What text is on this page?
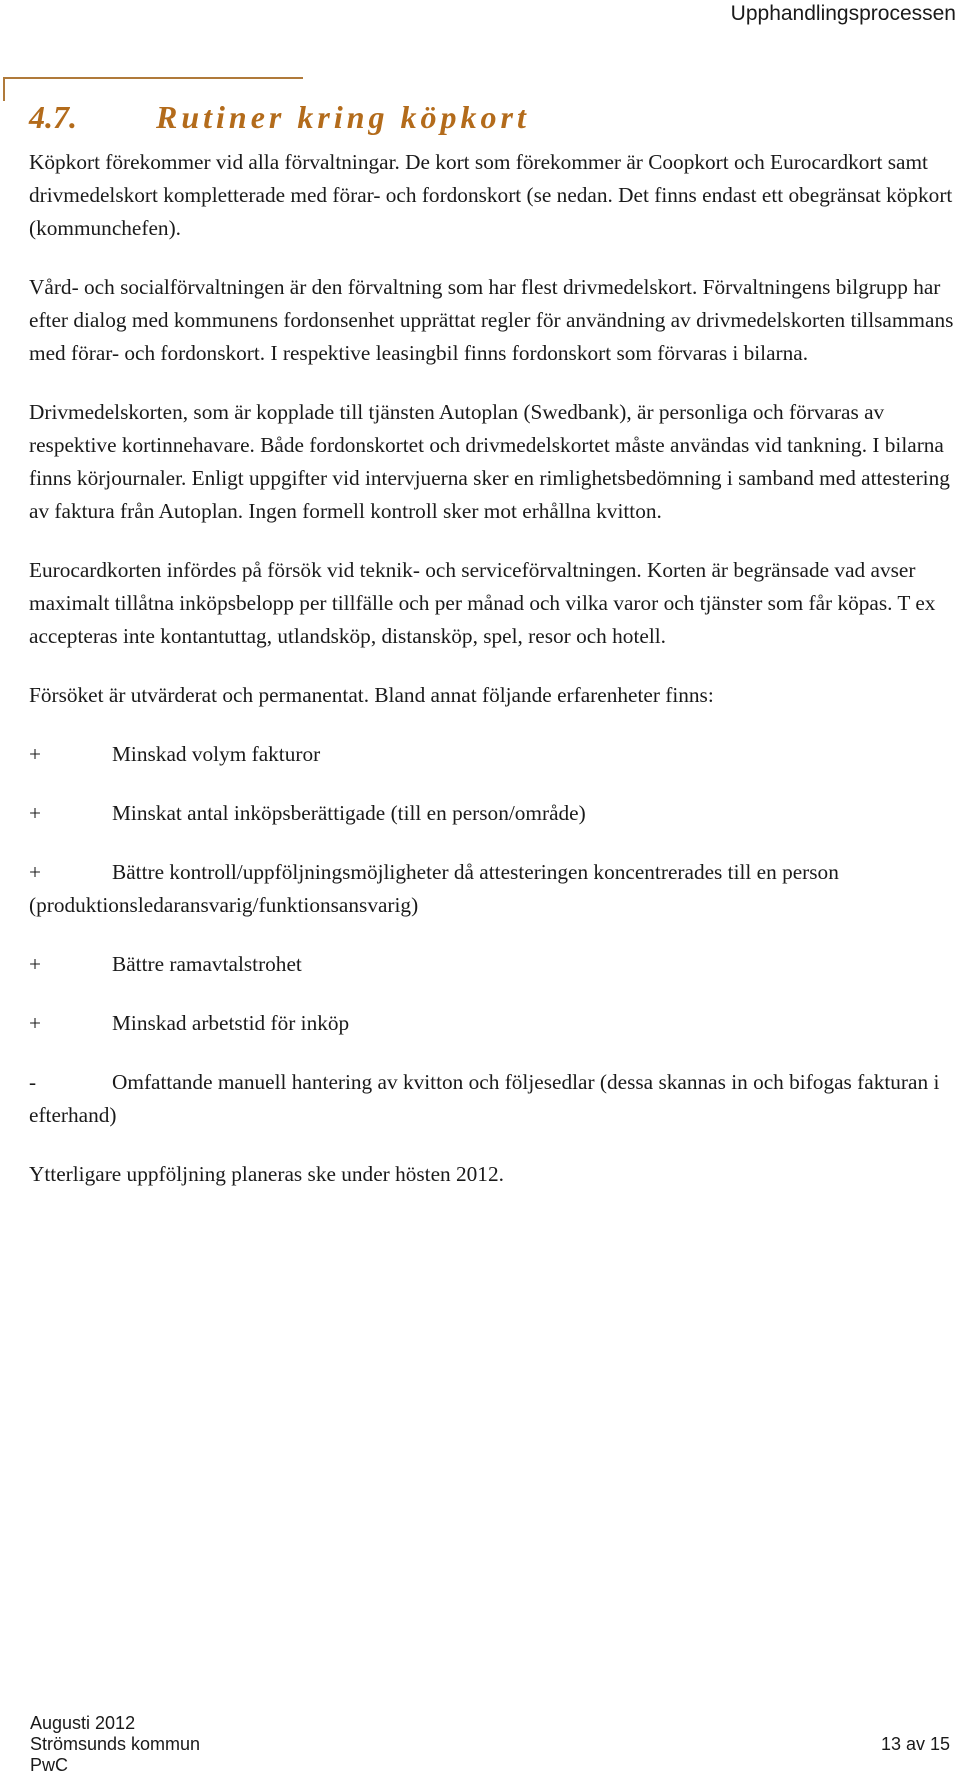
Upphandlingsprocessen
4.7. Rutiner kring köpkort

Köpkort förekommer vid alla förvaltningar. De kort som förekommer är Coopkort och Eurocardkort samt drivmedelskort kompletterade med förar- och fordonskort (se nedan. Det finns endast ett obegränsat köpkort (kommunchefen).

Vård- och socialförvaltningen är den förvaltning som har flest drivmedelskort. Förvaltningens bilgrupp har efter dialog med kommunens fordonsenhet upprättat regler för användning av drivmedelskorten tillsammans med förar- och fordonskort. I respektive leasingbil finns fordonskort som förvaras i bilarna.

Drivmedelskorten, som är kopplade till tjänsten Autoplan (Swedbank), är personliga och förvaras av respektive kortinnehavare. Både fordonskortet och drivmedelskortet måste användas vid tankning. I bilarna finns körjournaler. Enligt uppgifter vid intervjuerna sker en rimlighetsbedömning i samband med attestering av faktura från Autoplan. Ingen formell kontroll sker mot erhållna kvitton.

Eurocardkorten infördes på försök vid teknik- och serviceförvaltningen. Korten är begränsade vad avser maximalt tillåtna inköpsbelopp per tillfälle och per månad och vilka varor och tjänster som får köpas. T ex accepteras inte kontantuttag, utlandsköp, distansköp, spel, resor och hotell.

Försöket är utvärderat och permanentat. Bland annat följande erfarenheter finns:

+	Minskad volym fakturor

+	Minskat antal inköpsberättigade (till en person/område)

+	Bättre kontroll/uppföljningsmöjligheter då attesteringen koncentrerades till en person (produktionsledaransvarig/funktionsansvarig)

+	Bättre ramavtalstrohet

+	Minskad arbetstid för inköp

-	Omfattande manuell hantering av kvitton och följesedlar (dessa skannas in och bifogas fakturan i efterhand)

Ytterligare uppföljning planeras ske under hösten 2012.

Augusti 2012
Strömsunds kommun
PwC
13 av 15
